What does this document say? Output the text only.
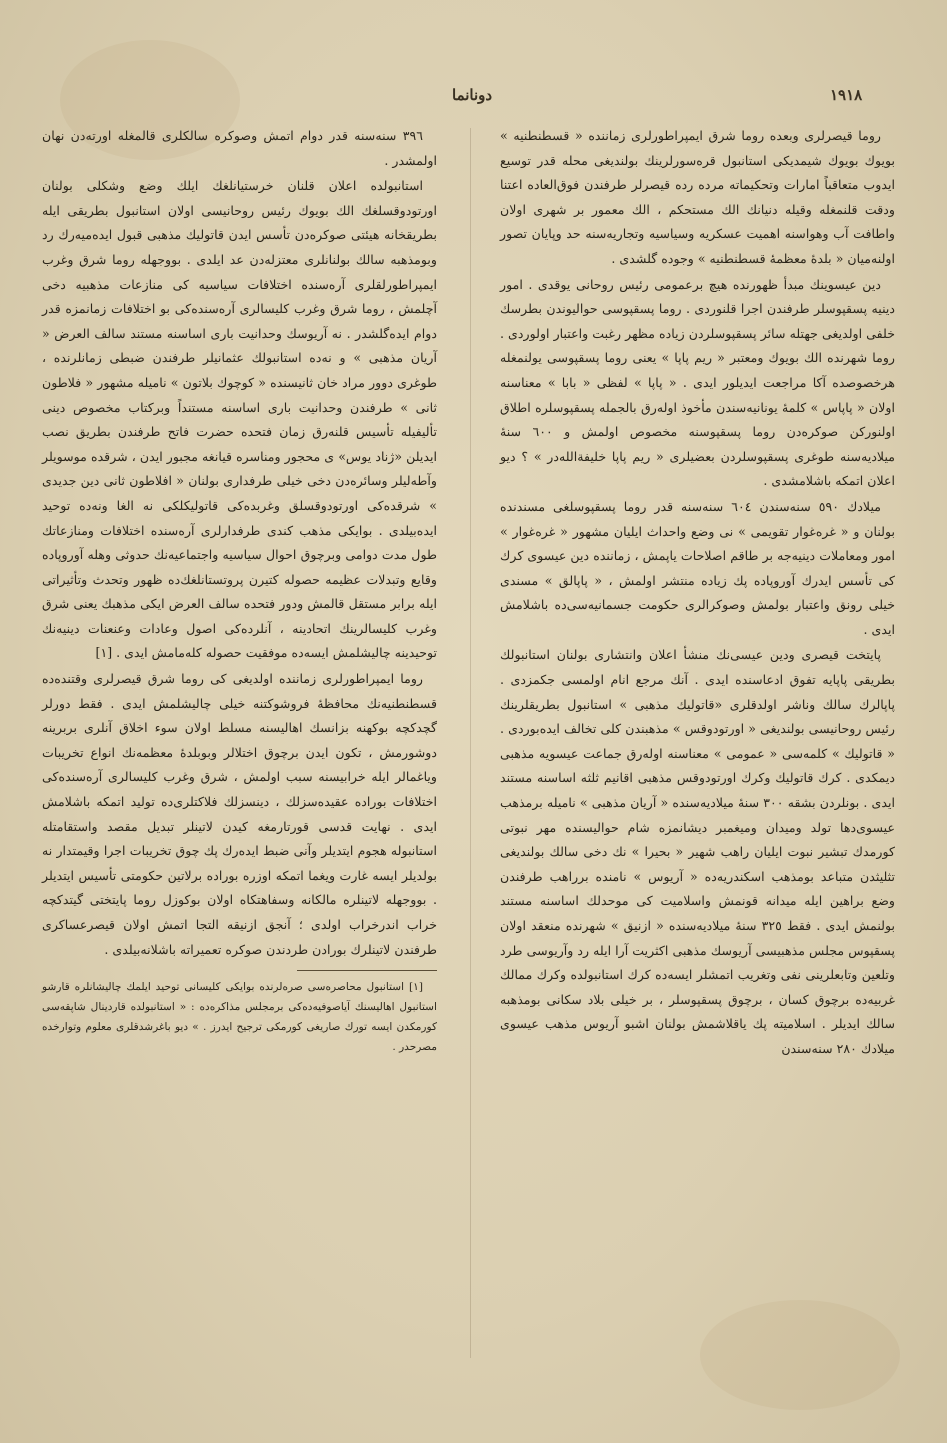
١٩١٨
دونانما

روما قیصرلری وبعده روما شرق ایمپراطورلری زماننده « قسطنطنیه » بویوك بویوك شیمدیكی استانبول قره‌سورلرینك بولندیغی محله قدر توسیع ایدوب متعاقباً امارات وتحكیماته مرده رده قیصرلر طرفندن فوق‌العاده اعتنا ودقت قلنمغله وقیله دنیانك الك مستحكم ، الك معمور بر شهری اولان واطافت آب وهواسنه اهمیت عسكریه وسیاسیه وتجاریه‌سنه حد وپایان تصور اولنه‌میان « بلدهٔ معظمهٔ قسطنطنیه » وجوده گلشدی .

دین عیسوینك مبدأ ظهورنده هیچ برعمومی رئیس روحانی یوقدی . امور دینیه پسقپوسلر طرفندن اجرا قلنوردی . روما پسقپوسی حوالیوندن بطرسك خلفی اولدیغی جهتله سائر پسقپوسلردن زیاده مظهر رغبت واعتبار اولوردی . روما شهرنده الك بویوك ومعتبر « ریم پاپا » یعنی روما پسقپوسی یولنمغله هرخصوصده آكا مراجعت ایدیلور ایدی . « پاپا » لفظی « بابا » معناسنه اولان « پاپاس » كلمهٔ یونانیه‌سندن مأخوذ اوله‌رق بالجمله پسقپوسلره اطلاق اولنوركن صوكره‌دن روما پسقپوسنه مخصوص اولمش و ٦٠٠ سنهٔ میلادیه‌سنه طوغری پسقپوسلردن بعضیلری « ریم پاپا خلیفة‌الله‌در » ؟ دیو اعلان اتمكه باشلامشدی .

میلادك ٥٩٠ سنه‌سندن ٦٠٤ سنه‌سنه قدر روما پسقپوسلغی مسندنده بولنان و « غره‌غوار تقویمی » نی وضع واحداث ایلیان مشهور « غره‌غوار » امور ومعاملات دینیه‌جه بر طاقم اصلاحات یاپمش ، زماننده دین عیسوی كرك كی تأسس ایدرك آوروپاده پك زیاده منتشر اولمش ، « پاپالق » مسندی خیلی رونق واعتبار بولمش وصوكرالری حكومت جسمانیه‌سی‌ده باشلامش ایدی .

پایتخت قیصری ودین عیسی‌نك منشأ اعلان وانتشاری بولنان استانبولك بطریقی پاپایه تفوق ادعاسنده ایدی . آنك مرجع انام اولمسی جكمزدی . پاپالرك سالك وناشر اولدقلری «قاتولیك مذهبی » استانبول بطریقلرینك رئیس روحانیسی بولندیغی « اورتودوقس » مذهبندن كلی تخالف ایده‌بوردی . « قاتولیك » كلمه‌سی « عمومی » معناسنه اوله‌رق جماعت عیسویه مذهبی دیمكدی . كرك قاتولیك وكرك اورتودوقس مذهبی اقانیم ثلثه اساسنه مستند ایدی . بونلردن بشقه ٣٠٠ سنهٔ میلادیه‌سنده « آریان مذهبی » نامیله برمذهب عیسوی‌دها تولد ومیدان ومیغمبر دیشانمزه شام حوالیسنده مهر نبوتی كورمدك تبشیر نبوت ایلیان راهب شهیر « بحیرا » نك دخی سالك بولندیغی تثلیثدن متباعد بومذهب اسكندریه‌ده « آریوس » نامنده برراهب طرفندن وضع براهین ایله میدانه قونمش واسلامیت كی موحدلك اساسنه مستند بولنمش ایدی . فقط ٣٢٥ سنهٔ میلادیه‌سنده « ازنیق » شهرنده منعقد اولان پسقپوس مجلس مذهبیسی آریوسك مذهبی اكثریت آرا ایله رد وآریوسی طرد وتلعین وتابعلرینی نفی وتغریب اتمشلر ایسه‌ده كرك استانبولده وكرك ممالك غربیه‌ده برچوق كسان ، برچوق پسقپوسلر ، بر خیلی بلاد سكانی بومذهبه سالك ایدیلر . اسلامیته پك یاقلاشمش بولنان اشبو آریوس مذهب عیسوی میلادك ٢٨٠ سنه‌سندن

٣٩٦ سنه‌سنه قدر دوام اتمش وصوكره سالكلری قالمغله اورته‌دن نهان اولمشدر .

استانبولده اعلان قلنان خرستیانلغك ایلك وضع وشكلی بولنان اورتودوقسلغك الك بویوك رئیس روحانیسی اولان استانبول بطریقی ایله بطریقخانه هیئتی صوكره‌دن تأسس ایدن قاتولیك مذهبی قبول ایده‌میه‌رك رد وبومذهبه سالك بولنانلری معتزله‌دن عد ایلدی . بووجهله روما شرق وغرب ایمپراطورلقلری آره‌سنده اختلافات سیاسیه كی منازعات مذهبیه دخی آچلمش ، روما شرق وغرب كلیسالری آره‌سنده‌كی بو اختلافات زمانمزه قدر دوام ایده‌گلشدر . نه آریوسك وحدانیت باری اساسنه مستند سالف العرض « آریان مذهبی » و نه‌ده استانبولك عثمانیلر طرفندن ضبطی زمانلرنده ، طوغری دوور مراد خان ثانیسنده « كوچوك بلاتون » نامیله مشهور « فلاطون ثانی » طرفندن وحدانیت باری اساسنه مستنداً وبركتاب مخصوص دینی تألیفیله تأسیس قلنه‌رق زمان فتحده حضرت فاتح طرفندن بطریق نصب ایدیلن «ژناد یوس» ی محجور ومناسره قیانغه مجبور ایدن ، شرقده موسویلر وآطه‌لیلر وسائره‌دن دخی خیلی طرفداری بولنان « افلاطون ثانی دین جدیدی » شرقده‌كی اورتودوقسلق وغربده‌كی قاتولیكلكی نه الغا ونه‌ده توحید ایده‌بیلدی . بوایكی مذهب كندی طرفدارلری آره‌سنده اختلافات ومنازعاتك طول مدت دوامی وبرچوق احوال سیاسیه واجتماعیه‌نك حدوثی وهله آوروپاده وقایع وتبدلات عظیمه حصوله كتیرن پروتستانلغك‌ده ظهور وتحدث وتأثیراتی ایله برابر مستقل قالمش ودور فتحده سالف العرض ایكی مذهبك یعنی شرق وغرب كلیسالرینك اتحادینه ، آنلرده‌كی اصول وعادات وعنعنات دینیه‌نك توحیدینه چالیشلمش ایسه‌ده موفقیت حصوله كله‌مامش ایدی . [١]

روما ایمپراطورلری زماننده اولدیغی كی روما شرق قیصرلری وقتنده‌ده قسطنطنیه‌نك محافظهٔ فروشوكتنه خیلی چالیشلمش ایدی . فقط دورلر گچدكچه بوكهنه بزانسك اهالیسنه مسلط اولان سوء اخلاق آنلری بربرینه دوشورمش ، تكون ایدن برچوق اختلالر وبوبلدهٔ معظمه‌نك انواع تخریبات ویاغمالر ایله خرابیسنه سبب اولمش ، شرق وغرب كلیسالری آره‌سنده‌كی اختلافات بوراده عقیده‌سزلك ، دینسزلك فلاكتلری‌ده تولید اتمكه باشلامش ایدی . نهایت قدسی قورتارمغه كیدن لاتینلر تبدیل مقصد واستقامتله استانبوله هجوم ایتدیلر وآنی ضبط ایده‌رك پك چوق تخریبات اجرا وقیمتدار نه بولدیلر ایسه غارت ویغما اتمكه اوزره بوراده برلاتین حكومتی تأسیس ایتدیلر . بووجهله لاتینلره مالكانه وسفاهتكاه اولان بوكوزل روما پایتختی گیتدكچه خراب اندرخراب اولدی ؛ آنجق ازنیقه التجا اتمش اولان قیصرعساكری طرفندن لاتینلرك بورادن طردندن صوكره تعمیراته باشلانه‌بیلدی .

[١] استانبول محاصره‌سی صره‌لرنده بوایكی كلیسانی توحید ایلمك چالیشانلره قارشو استانبول اهالیسنك آیاصوفیه‌ده‌كی برمجلس مذاكره‌ده : « استانبولده قاردینال شاپقه‌سی كورمكدن ایسه تورك صاریغی كورمكی ترجیح ایدرز . » دیو باغرشدقلری معلوم وتوارخده مصرحدر .
